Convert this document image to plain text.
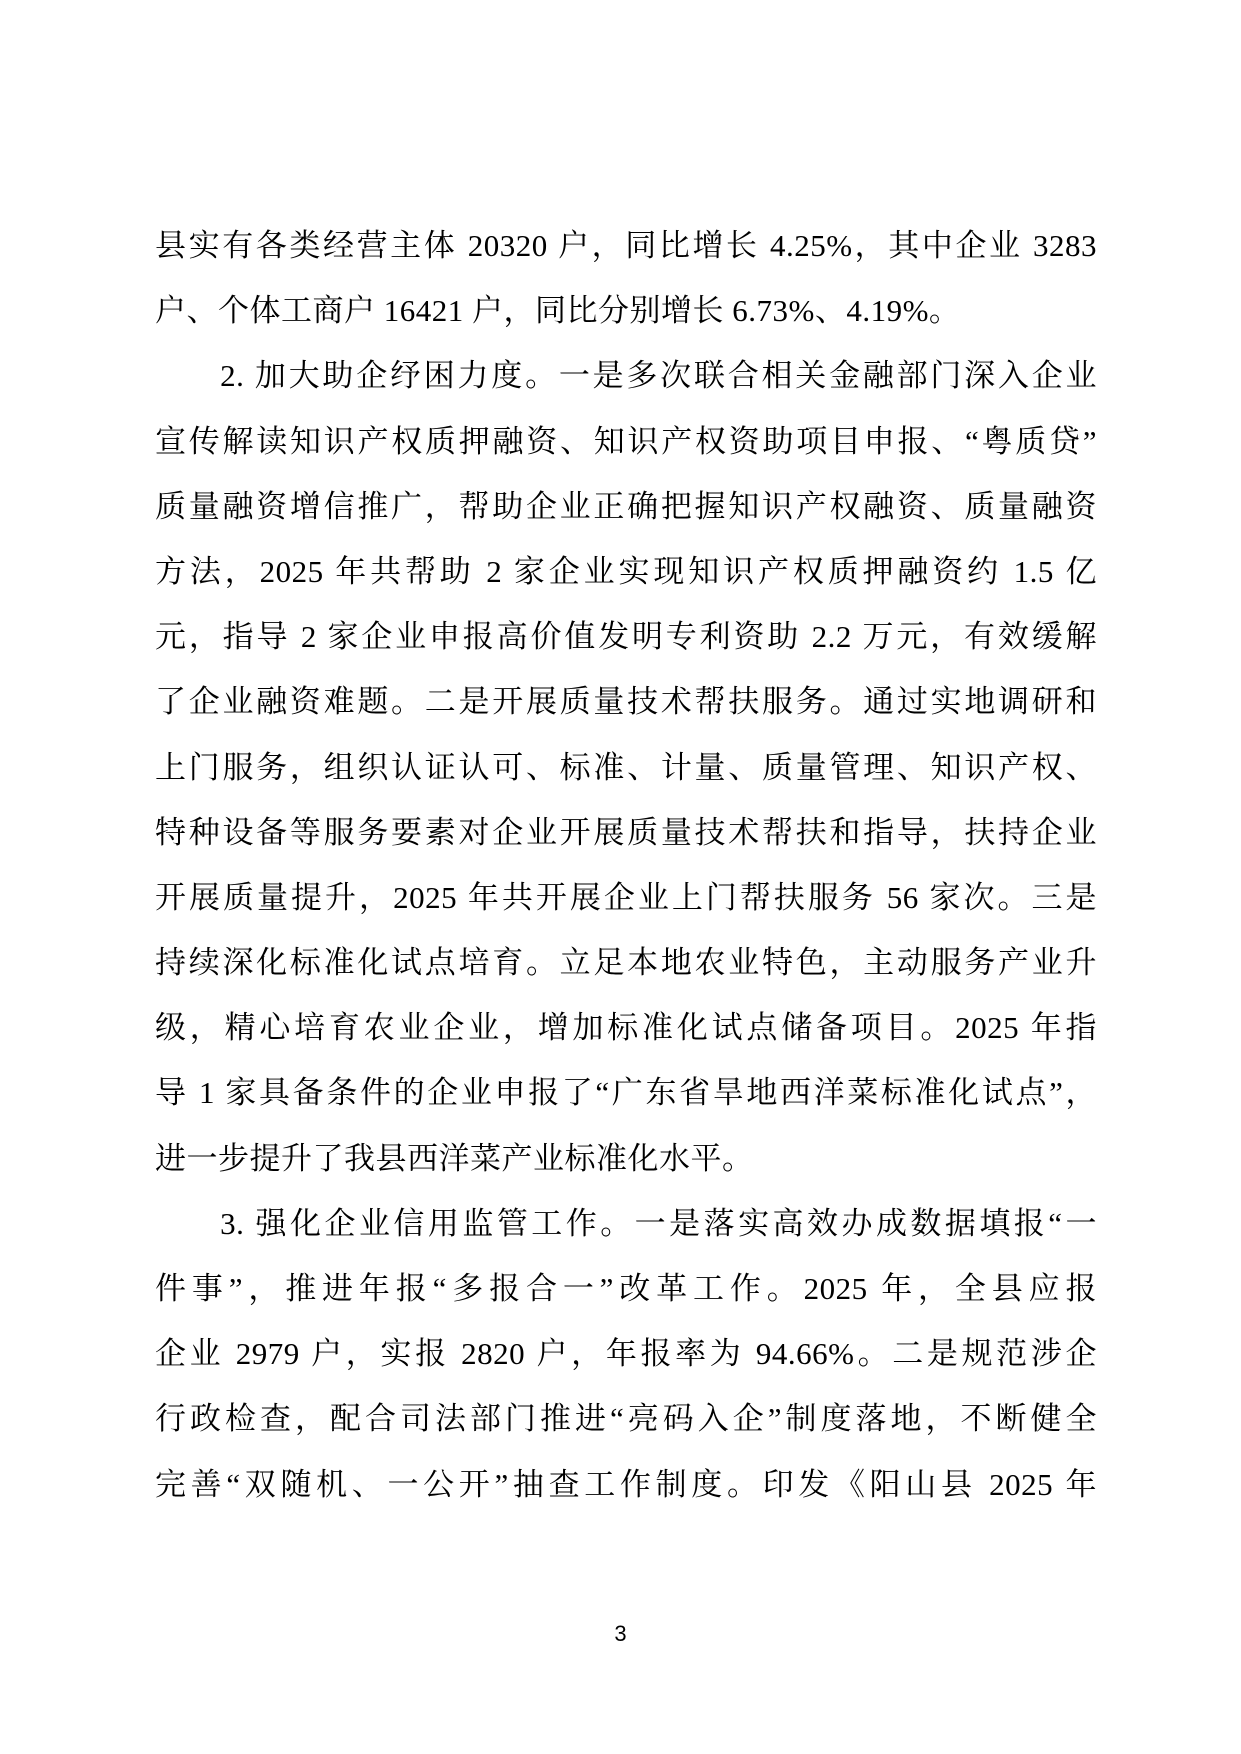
县实有各类经营主体 20320 户，同比增长 4.25%，其中企业 3283
户、个体工商户 16421 户，同比分别增长 6.73%、4.19%。
2. 加大助企纾困力度。一是多次联合相关金融部门深入企业
宣传解读知识产权质押融资、知识产权资助项目申报、“粤质贷”
质量融资增信推广，帮助企业正确把握知识产权融资、质量融资
方法，2025 年共帮助 2 家企业实现知识产权质押融资约 1.5 亿
元，指导 2 家企业申报高价值发明专利资助 2.2 万元，有效缓解
了企业融资难题。二是开展质量技术帮扶服务。通过实地调研和
上门服务，组织认证认可、标准、计量、质量管理、知识产权、
特种设备等服务要素对企业开展质量技术帮扶和指导，扶持企业
开展质量提升，2025 年共开展企业上门帮扶服务 56 家次。三是
持续深化标准化试点培育。立足本地农业特色，主动服务产业升
级，精心培育农业企业，增加标准化试点储备项目。2025 年指
导 1 家具备条件的企业申报了“广东省旱地西洋菜标准化试点”，
进一步提升了我县西洋菜产业标准化水平。
3. 强化企业信用监管工作。一是落实高效办成数据填报“一
件事”，推进年报“多报合一”改革工作。2025 年，全县应报
企业 2979 户，实报 2820 户，年报率为 94.66%。二是规范涉企
行政检查，配合司法部门推进“亮码入企”制度落地，不断健全
完善“双随机、一公开”抽查工作制度。印发《阳山县 2025 年
3
